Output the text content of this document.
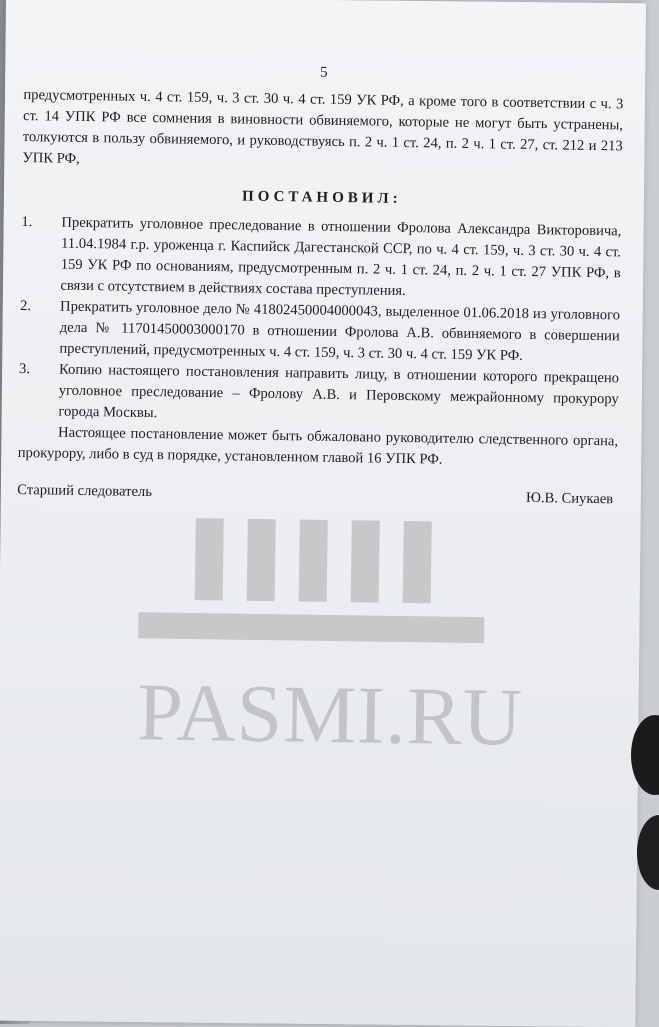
PASMI.RU
5

предусмотренных ч. 4 ст. 159, ч. 3 ст. 30 ч. 4 ст. 159 УК РФ, а кроме того в соответствии с ч. 3 ст. 14 УПК РФ все сомнения в виновности обвиняемого, которые не могут быть устранены, толкуются в пользу обвиняемого, и руководствуясь п. 2 ч. 1 ст. 24, п. 2 ч. 1 ст. 27, ст. 212 и 213 УПК РФ,

ПОСТАНОВИЛ:
1.	Прекратить уголовное преследование в отношении Фролова Александра Викторовича, 11.04.1984 г.р. уроженца г. Каспийск Дагестанской ССР, по ч. 4 ст. 159, ч. 3 ст. 30 ч. 4 ст. 159 УК РФ по основаниям, предусмотренным п. 2 ч. 1 ст. 24, п. 2 ч. 1 ст. 27 УПК РФ, в связи с отсутствием в действиях состава преступления.
2.	Прекратить уголовное дело № 41802450004000043, выделенное 01.06.2018 из уголовного дела № 11701450003000170 в отношении Фролова А.В. обвиняемого в совершении преступлений, предусмотренных ч. 4 ст. 159, ч. 3 ст. 30 ч. 4 ст. 159 УК РФ.
3.	Копию настоящего постановления направить лицу, в отношении которого прекращено уголовное преследование – Фролову А.В. и Перовскому межрайонному прокурору города Москвы.

Настоящее постановление может быть обжаловано руководителю следственного органа, прокурору, либо в суд в порядке, установленном главой 16 УПК РФ.

Старший следователь	Ю.В. Сиукаев
